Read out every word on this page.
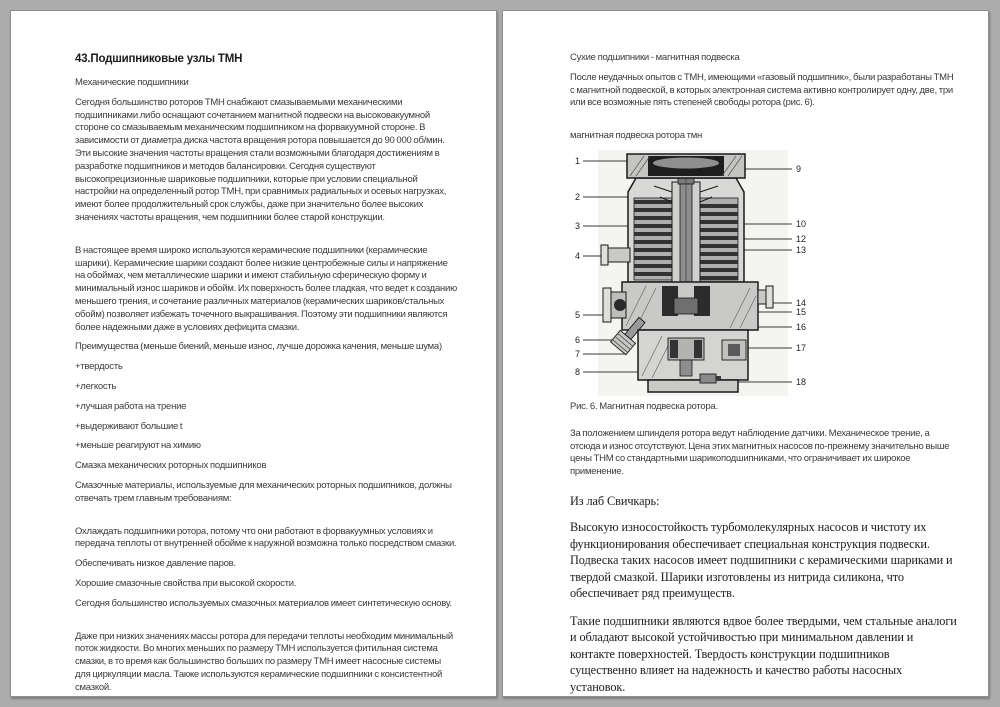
43.Подшипниковые узлы ТМН

Механические подшипники

Сегодня большинство роторов ТМН снабжают смазываемыми механическими подшипниками либо оснащают сочетанием магнитной подвески на высоковакуумной стороне со смазываемым механическим подшипником на форвакуумной стороне. В зависимости от диаметра диска частота вращения ротора повышается до 90 000 об/мин. Эти высокие значения частоты вращения стали возможными благодаря достижениям в разработке подшипников и методов балансировки. Сегодня существуют высокопрецизионные шариковые подшипники, которые при условии специальной настройки на определенный ротор ТМН, при сравнимых радиальных и осевых нагрузках, имеют более продолжительный срок службы, даже при значительно более высоких значениях частоты вращения, чем подшипники более старой конструкции.

В настоящее время широко используются керамические подшипники (керамические шарики). Керамические шарики создают более низкие центробежные силы и напряжение на обоймах, чем металлические шарики и имеют стабильную сферическую форму и минимальный износ шариков и обойм. Их поверхность более гладкая, что ведет к созданию меньшего трения, и сочетание различных материалов (керамических шариков/стальных обойм) позволяет избежать точечного выкрашивания. Поэтому эти подшипники являются более надежными даже в условиях дефицита смазки.

Преимущества (меньше биений, меньше износ, лучше дорожка качения, меньше шума)

+твердость

+легкость

+лучшая работа на трение

+выдерживают большие t

+меньше реагируют на химию

Смазка механических роторных подшипников

Смазочные материалы, используемые для механических роторных подшипников, должны отвечать трем главным требованиям:

Охлаждать подшипники ротора, потому что они работают в форвакуумных условиях и передача теплоты от внутренней обойме к наружной возможна только посредством смазки.

Обеспечивать низкое давление паров.

Хорошие смазочные свойства при высокой скорости.

Сегодня большинство используемых смазочных материалов имеет синтетическую основу.

Даже при низких значениях массы ротора для передачи теплоты необходим минимальный поток жидкости. Во многих меньших по размеру ТМН используется фитильная система смазки, в то время как большинство больших по размеру ТМН имеет насосные системы для циркуляции масла. Также используются керамические подшипники с консистентной смазкой.

Сухие подшипники - магнитная подвеска

После неудачных опытов с ТМН, имеющими «газовый подшипник», были разработаны ТМН с магнитной подвеской, в которых электронная система активно контролирует одну, две, три или все возможные пять степеней свободы ротора (рис. 6).

магнитная подвеска ротора тмн

1
2
3
4
5
6
7
8
9
10
12
13
14
15
16
17
18

Рис. 6. Магнитная подвеска ротора.

За положением шпинделя ротора ведут наблюдение датчики. Механическое трение, а отсюда и износ отсутствуют. Цена этих магнитных насосов по-прежнему значительно выше цены ТНМ со стандартными шарикоподшипниками, что ограничивает их широкое применение.

Из лаб Свичкарь:

Высокую износостойкость турбомолекулярных насосов и чистоту их функционирования обеспечивает специальная конструкция подвески. Подвеска таких насосов имеет подшипники с керамическими шариками и твердой смазкой. Шарики изготовлены из нитрида силикона, что обеспечивает ряд преимуществ.

Такие подшипники являются вдвое более твердыми, чем стальные аналоги и обладают высокой устойчивостью при минимальном давлении и контакте поверхностей. Твердость конструкции подшипников существенно влияет на надежность и качество работы насосных установок.
